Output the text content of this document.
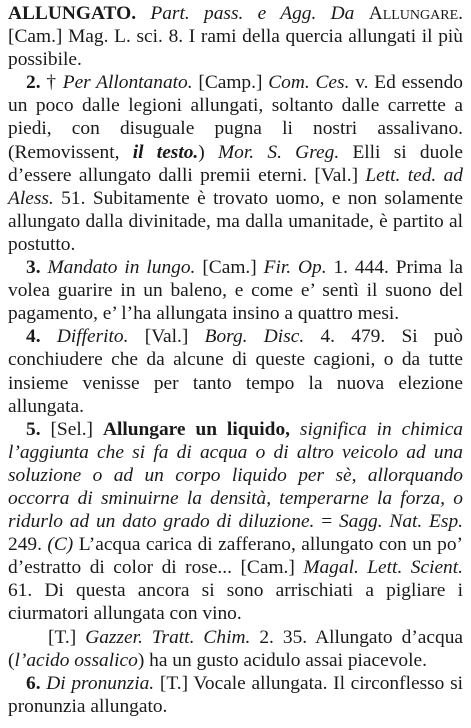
ALLUNGATO. Part. pass. e Agg. Da Allungare. [Cam.] Mag. L. sci. 8. I rami della quercia allungati il più possibile.

2. † Per Allontanato. [Camp.] Com. Ces. v. Ed essendo un poco dalle legioni allungati, soltanto dalle carrette a piedi, con disuguale pugna li nostri assalivano. (Removissent, il testo.) Mor. S. Greg. Elli si duole d’essere allungato dalli premii eterni. [Val.] Lett. ted. ad Aless. 51. Subitamente è trovato uomo, e non solamente allungato dalla divinitade, ma dalla umanitade, è partito al postutto.

3. Mandato in lungo. [Cam.] Fir. Op. 1. 444. Prima la volea guarire in un baleno, e come e’ sentì il suono del pagamento, e’ l’ha allungata insino a quattro mesi.

4. Differito. [Val.] Borg. Disc. 4. 479. Si può conchiudere che da alcune di queste cagioni, o da tutte insieme venisse per tanto tempo la nuova elezione allungata.

5. [Sel.] Allungare un liquido, significa in chimica l’aggiunta che si fa di acqua o di altro veicolo ad una soluzione o ad un corpo liquido per sè, allorquando occorra di sminuirne la densità, temperarne la forza, o ridurlo ad un dato grado di diluzione. = Sagg. Nat. Esp. 249. (C) L’acqua carica di zafferano, allungato con un po’ d’estratto di color di rose... [Cam.] Magal. Lett. Scient. 61. Di questa ancora si sono arrischiati a pigliare i ciurmatori allungata con vino.

[T.] Gazzer. Tratt. Chim. 2. 35. Allungato d’acqua (l’acido ossalico) ha un gusto acidulo assai piacevole.

6. Di pronunzia. [T.] Vocale allungata. Il circonflesso si pronunzia allungato.
